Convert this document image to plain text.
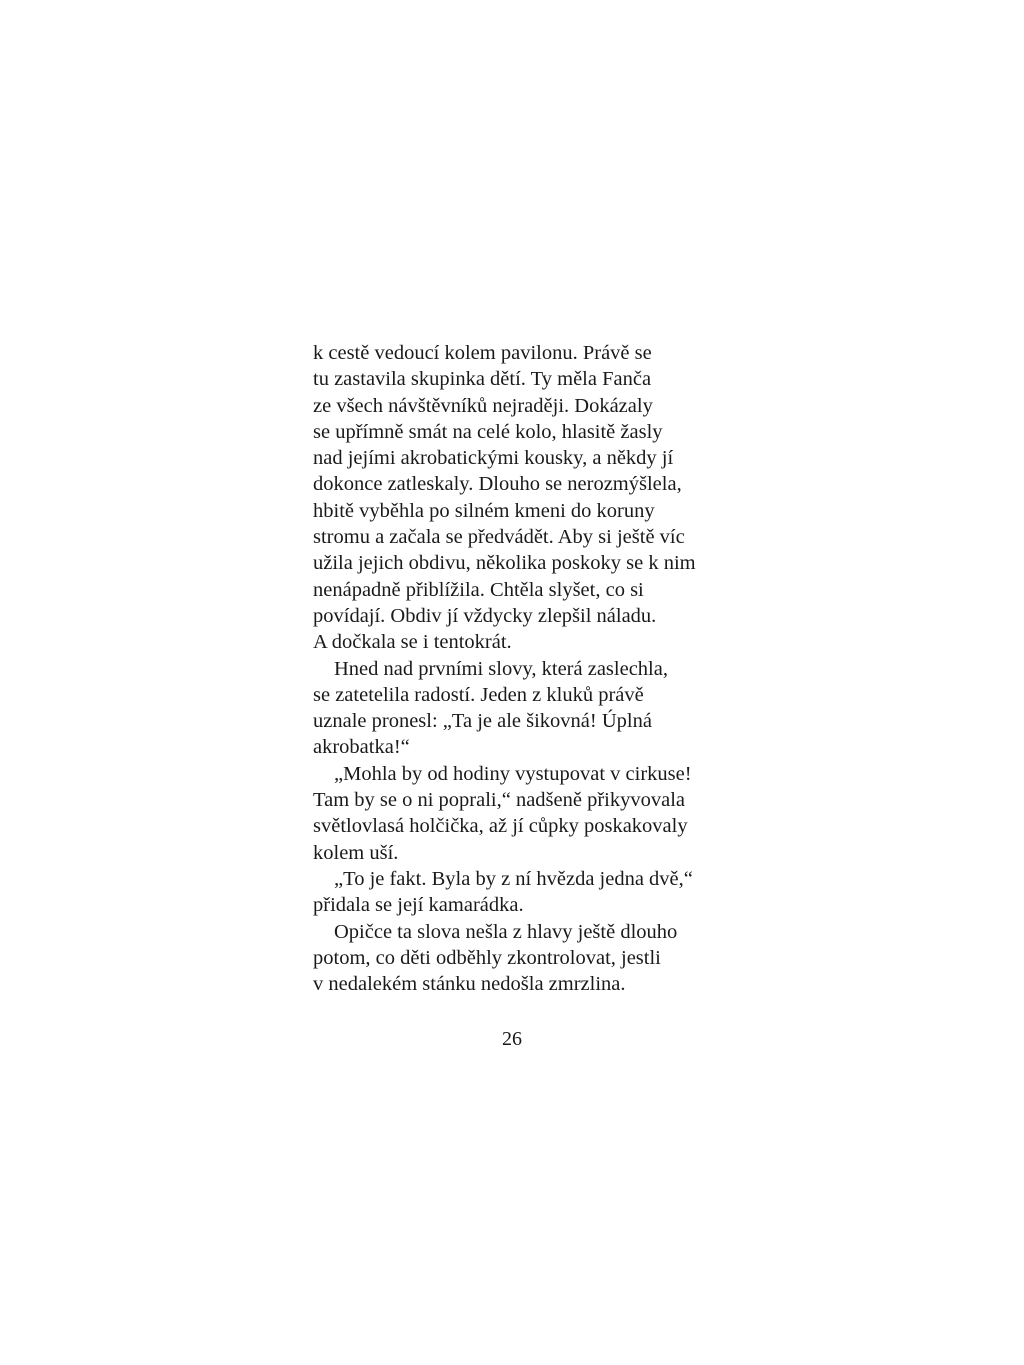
k cestě vedoucí kolem pavilonu. Právě se
tu zastavila skupinka dětí. Ty měla Fanča
ze všech návštěvníků nejraději. Dokázaly
se upřímně smát na celé kolo, hlasitě žasly
nad jejími akrobatickými kousky, a někdy jí
dokonce zatleskaly. Dlouho se nerozmýšlela,
hbitě vyběhla po silném kmeni do koruny
stromu a začala se předvádět. Aby si ještě víc
užila jejich obdivu, několika poskoky se k nim
nenápadně přiblížila. Chtěla slyšet, co si
povídají. Obdiv jí vždycky zlepšil náladu.
A dočkala se i tentokrát.
Hned nad prvními slovy, která zaslechla,
se zatetelila radostí. Jeden z kluků právě
uznale pronesl: „Ta je ale šikovná! Úplná
akrobatka!“
„Mohla by od hodiny vystupovat v cirkuse!
Tam by se o ni poprali,“ nadšeně přikyvovala
světlovlasá holčička, až jí cůpky poskakovaly
kolem uší.
„To je fakt. Byla by z ní hvězda jedna dvě,“
přidala se její kamarádka.
Opičce ta slova nešla z hlavy ještě dlouho
potom, co děti odběhly zkontrolovat, jestli
v nedalekém stánku nedošla zmrzlina.
26
